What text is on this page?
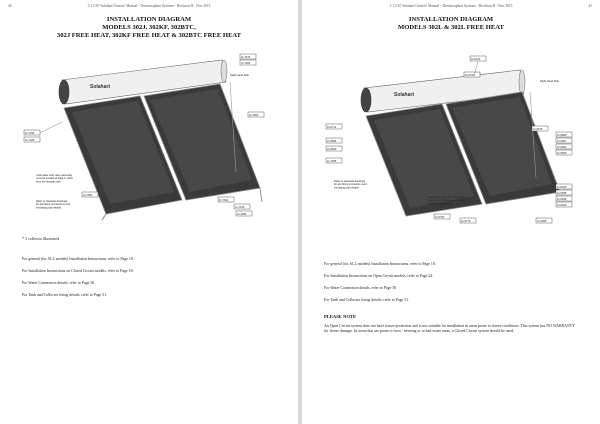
44	5.1.1/S7 Solahart Owners' Manual - Thermosiphon Systems - Revision H - Nov 2015
INSTALLATION DIAGRAM
MODELS 302J, 302KF, 302BTC,
302J FREE HEAT, 302KF FREE HEAT & 302BTC FREE HEAT
Solahart
11-7034
11-7025
11-7672
11-7661
Right Hand Side
11-7603
Cold water inlet valve assembly must be located at least 1 metre from the storage tank.
Refer to separate drawings for plumbing connections and insulating pipe details.
11-7054
11-7641
11-7616
11-4096
* 3 collector illustrated
For general (for ALL models) Installation Instructions, refer to Page 10.
For Installation Instructions on Closed Circuit models, refer to Page 18.
For Water Connection details, refer to Page 50.
For Tank and Collector fixing details, refer to Page 51.
5.1.1/S7 Solahart Owners' Manual - Thermosiphon Systems - Revision H - Nov 2015	45
INSTALLATION DIAGRAM
MODELS 302L & 302L FREE HEAT
Solahart
11-6072
11-6760
Right Hand Side
11-6711
11-6604
11-6810
11-7065
11-6678
11-6869
11-6827
11-6602
11-6659
11-6616
11-6655
11-6646
11-6629
Cold water inlet valve assembly must be located at least 1 metre from the storage tank.
Refer to separate drawings for plumbing connection and insulating pipe details.
11-6762
11-6773	11-4096
For general (for ALL models) Installation Instructions, refer to Page 10.
For Installation Instructions on Open Circuit models, refer to Page 24.
For Water Connection details, refer to Page 50.
For Tank and Collector fixing details, refer to Page 51.
PLEASE NOTE
An Open Circuit system does not have freeze protection and is not suitable for installation in areas prone to freeze conditions. This system has NO WARRANTY for freeze damage. In areas that are prone to frost / freezing or to bad water areas, a Closed Circuit system should be used.
